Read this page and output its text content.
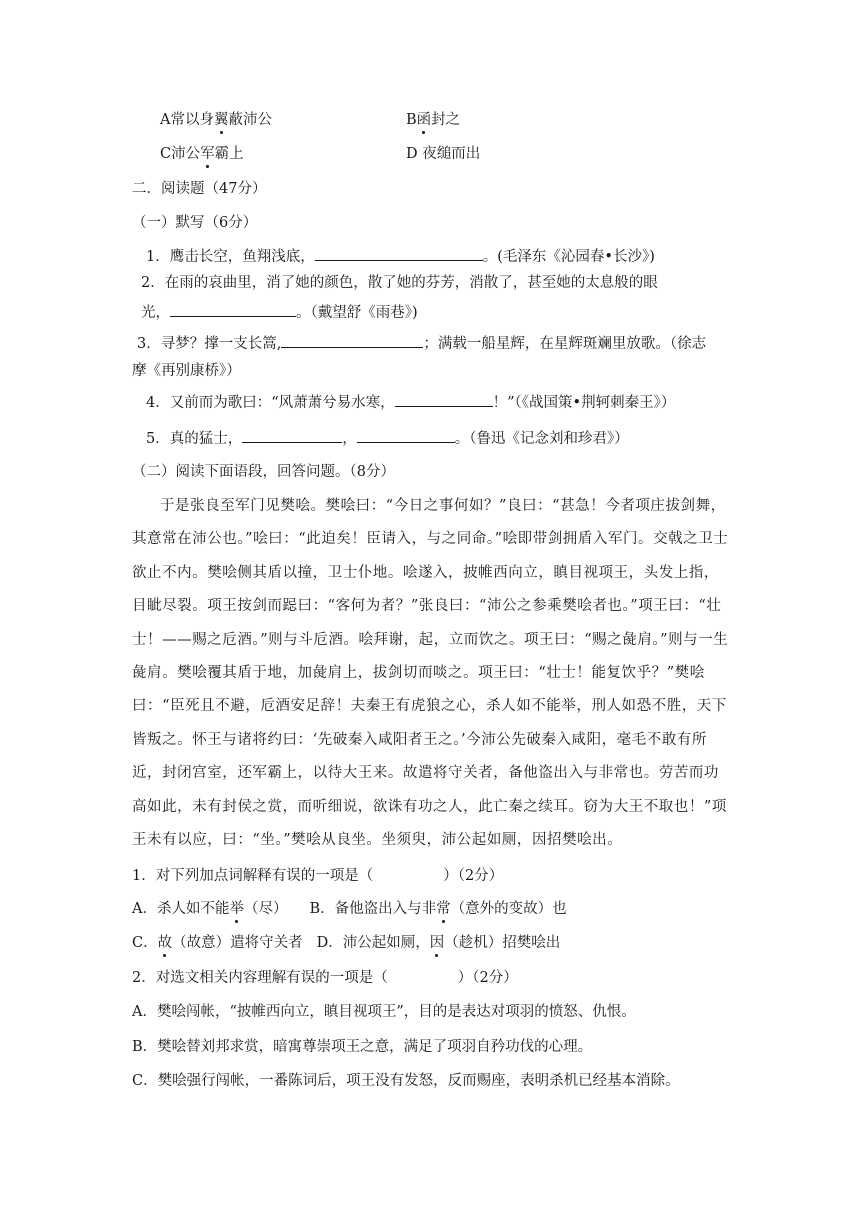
A常以身翼蔽沛公	B函封之
C沛公军霸上	D 夜缒而出
二．阅读题（47分）
（一）默写（6分）
1．鹰击长空，鱼翔浅底，	。(毛泽东《沁园春•长沙》)
2．在雨的哀曲里，消了她的颜色，散了她的芬芳，消散了，甚至她的太息般的眼
光，	。（戴望舒《雨巷》)
3．寻梦？撑一支长篙,	；满载一船星辉，在星辉斑斓里放歌。（徐志
摩《再别康桥》）
4．又前而为歌曰：“风萧萧兮易水寒，	！”（《战国策•荆轲刺秦王》）
5．真的猛士，	，	。（鲁迅《记念刘和珍君》）
（二）阅读下面语段，回答问题。（8分）

于是张良至军门见樊哙。樊哙曰：“今日之事何如？”良曰：“甚急！今者项庄拔剑舞，其意常在沛公也。”哙曰：“此迫矣！臣请入，与之同命。”哙即带剑拥盾入军门。交戟之卫士欲止不内。樊哙侧其盾以撞，卫士仆地。哙遂入，披帷西向立，瞋目视项王，头发上指，目眦尽裂。项王按剑而跽曰：“客何为者？”张良曰：“沛公之参乘樊哙者也。”项王曰：“壮士！——赐之卮酒。”则与斗卮酒。哙拜谢，起，立而饮之。项王曰：“赐之彘肩。”则与一生彘肩。樊哙覆其盾于地，加彘肩上，拔剑切而啖之。项王曰：“壮士！能复饮乎？”樊哙曰：“臣死且不避，卮酒安足辞！夫秦王有虎狼之心，杀人如不能举，刑人如恐不胜，天下皆叛之。怀王与诸将约曰：‘先破秦入咸阳者王之。’今沛公先破秦入咸阳，毫毛不敢有所近，封闭宫室，还军霸上，以待大王来。故遣将守关者，备他盗出入与非常也。劳苦而功高如此，未有封侯之赏，而听细说，欲诛有功之人，此亡秦之续耳。窃为大王不取也！”项王未有以应，曰：“坐。”樊哙从良坐。坐须臾，沛公起如厕，因招樊哙出。

1．对下列加点词解释有误的一项是（	）（2分）
A．杀人如不能举（尽） B．备他盗出入与非常（意外的变故）也
C．故（故意）遣将守关者 D．沛公起如厕，因（趁机）招樊哙出
2．对选文相关内容理解有误的一项是（	）（2分）
A．樊哙闯帐，“披帷西向立，瞋目视项王”，目的是表达对项羽的愤怒、仇恨。
B．樊哙替刘邦求赏，暗寓尊崇项王之意，满足了项羽自矜功伐的心理。
C．樊哙强行闯帐，一番陈词后，项王没有发怒，反而赐座，表明杀机已经基本消除。
